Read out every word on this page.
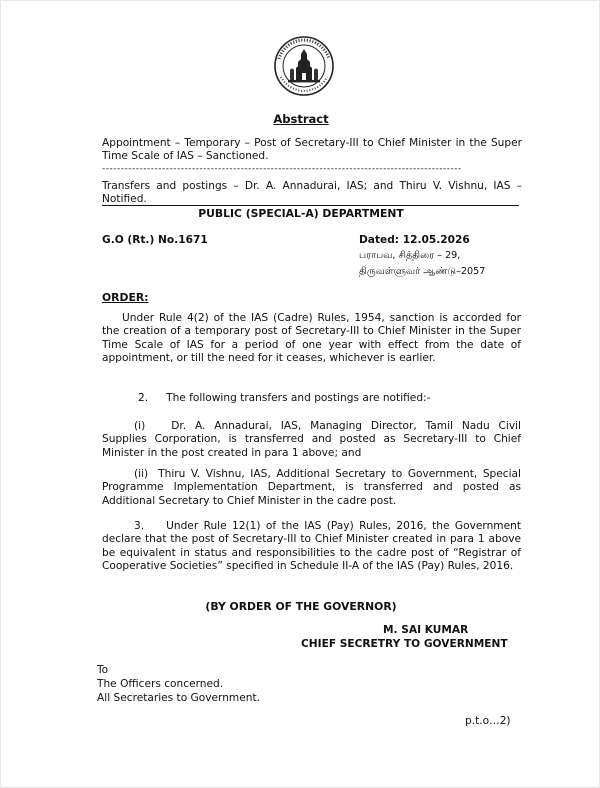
Abstract
Appointment – Temporary – Post of Secretary-III to Chief Minister in the Super Time Scale of IAS – Sanctioned.
------------------------------------------------------------------------------------------------
Transfers and postings – Dr. A. Annadurai, IAS; and Thiru V. Vishnu, IAS – Notified.
PUBLIC (SPECIAL-A) DEPARTMENT
G.O (Rt.) No.1671	Dated: 12.05.2026
பராபவ, சித்திரை – 29,
திருவள்ளுவர் ஆண்டு–2057
ORDER:
Under Rule 4(2) of the IAS (Cadre) Rules, 1954, sanction is accorded for the creation of a temporary post of Secretary-III to Chief Minister in the Super Time Scale of IAS for a period of one year with effect from the date of appointment, or till the need for it ceases, whichever is earlier.
2. The following transfers and postings are notified:-
(i) Dr. A. Annadurai, IAS, Managing Director, Tamil Nadu Civil Supplies Corporation, is transferred and posted as Secretary-III to Chief Minister in the post created in para 1 above; and
(ii) Thiru V. Vishnu, IAS, Additional Secretary to Government, Special Programme Implementation Department, is transferred and posted as Additional Secretary to Chief Minister in the cadre post.
3. Under Rule 12(1) of the IAS (Pay) Rules, 2016, the Government declare that the post of Secretary-III to Chief Minister created in para 1 above be equivalent in status and responsibilities to the cadre post of “Registrar of Cooperative Societies” specified in Schedule II-A of the IAS (Pay) Rules, 2016.
(BY ORDER OF THE GOVERNOR)
M. SAI KUMAR
CHIEF SECRETRY TO GOVERNMENT
To
The Officers concerned.
All Secretaries to Government.
p.t.o…2)
